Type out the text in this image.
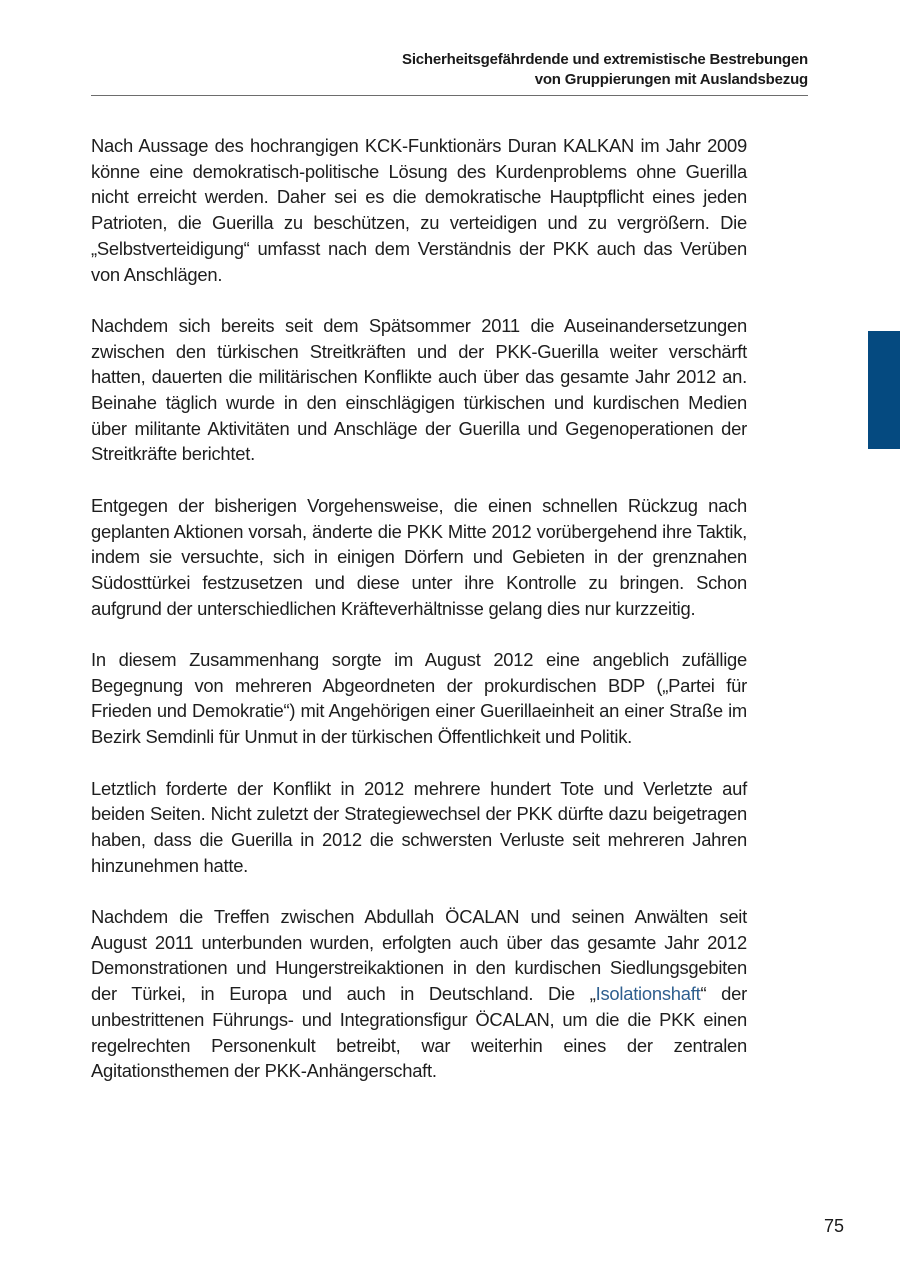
Sicherheitsgefährdende und extremistische Bestrebungen
von Gruppierungen mit Auslandsbezug

Nach Aussage des hochrangigen KCK-Funktionärs Duran KALKAN im Jahr 2009 könne eine demokratisch-politische Lösung des Kurdenproblems ohne Guerilla nicht erreicht werden. Daher sei es die demokratische Hauptpflicht eines jeden Patrioten, die Guerilla zu beschützen, zu verteidigen und zu vergrößern. Die „Selbstverteidigung“ umfasst nach dem Verständnis der PKK auch das Verüben von Anschlägen.

Nachdem sich bereits seit dem Spätsommer 2011 die Auseinandersetzungen zwischen den türkischen Streitkräften und der PKK-Guerilla weiter verschärft hatten, dauerten die militärischen Konflikte auch über das gesamte Jahr 2012 an. Beinahe täglich wurde in den einschlägigen türkischen und kurdischen Medien über militante Aktivitäten und Anschläge der Guerilla und Gegenoperationen der Streitkräfte berichtet.

Entgegen der bisherigen Vorgehensweise, die einen schnellen Rückzug nach geplanten Aktionen vorsah, änderte die PKK Mitte 2012 vorübergehend ihre Taktik, indem sie versuchte, sich in einigen Dörfern und Gebieten in der grenznahen Südosttürkei festzusetzen und diese unter ihre Kontrolle zu bringen. Schon aufgrund der unterschiedlichen Kräfteverhältnisse gelang dies nur kurzzeitig.

In diesem Zusammenhang sorgte im August 2012 eine angeblich zufällige Begegnung von mehreren Abgeordneten der prokurdischen BDP („Partei für Frieden und Demokratie“) mit Angehörigen einer Guerillaeinheit an einer Straße im Bezirk Semdinli für Unmut in der türkischen Öffentlichkeit und Politik.

Letztlich forderte der Konflikt in 2012 mehrere hundert Tote und Verletzte auf beiden Seiten. Nicht zuletzt der Strategiewechsel der PKK dürfte dazu beigetragen haben, dass die Guerilla in 2012 die schwersten Verluste seit mehreren Jahren hinzunehmen hatte.

Nachdem die Treffen zwischen Abdullah ÖCALAN und seinen Anwälten seit August 2011 unterbunden wurden, erfolgten auch über das gesamte Jahr 2012 Demonstrationen und Hungerstreikaktionen in den kurdischen Siedlungsgebiten der Türkei, in Europa und auch in Deutschland. Die „Isolationshaft“ der unbestrittenen Führungs- und Integrationsfigur ÖCALAN, um die die PKK einen regelrechten Personenkult betreibt, war weiterhin eines der zentralen Agitationsthemen der PKK-Anhängerschaft.

75
